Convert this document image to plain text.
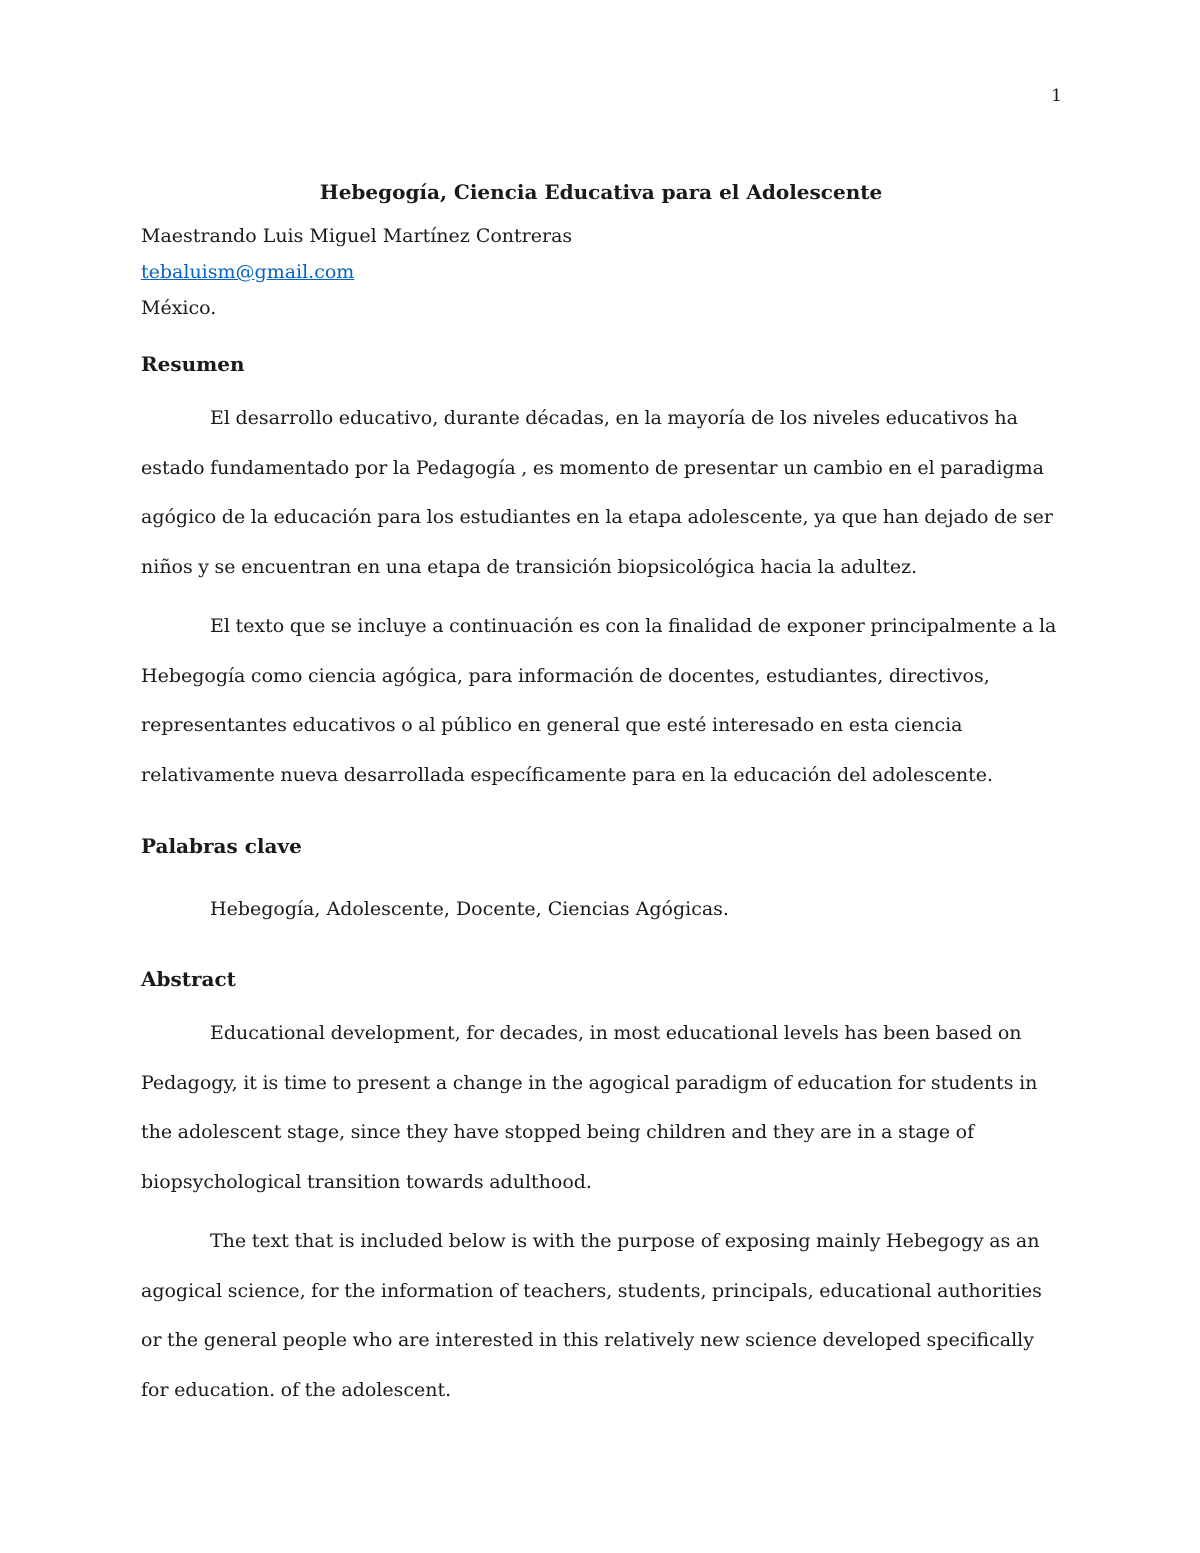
1
Hebegogía, Ciencia Educativa para el Adolescente

Maestrando Luis Miguel Martínez Contreras

tebaluism@gmail.com

México.

Resumen

El desarrollo educativo, durante décadas, en la mayoría de los niveles educativos ha estado fundamentado por la Pedagogía , es momento de presentar un cambio en el paradigma agógico de la educación para los estudiantes en la etapa adolescente, ya que han dejado de ser niños y se encuentran en una etapa de transición biopsicológica hacia la adultez.

El texto que se incluye a continuación es con la finalidad de exponer principalmente a la Hebegogía como ciencia agógica, para información de docentes, estudiantes, directivos, representantes educativos o al público en general que esté interesado en esta ciencia relativamente nueva desarrollada específicamente para en la educación del adolescente.

Palabras clave

Hebegogía, Adolescente, Docente, Ciencias Agógicas.

Abstract

Educational development, for decades, in most educational levels has been based on Pedagogy, it is time to present a change in the agogical paradigm of education for students in the adolescent stage, since they have stopped being children and they are in a stage of biopsychological transition towards adulthood.

The text that is included below is with the purpose of exposing mainly Hebegogy as an agogical science, for the information of teachers, students, principals, educational authorities or the general people who are interested in this relatively new science developed specifically for education. of the adolescent.
